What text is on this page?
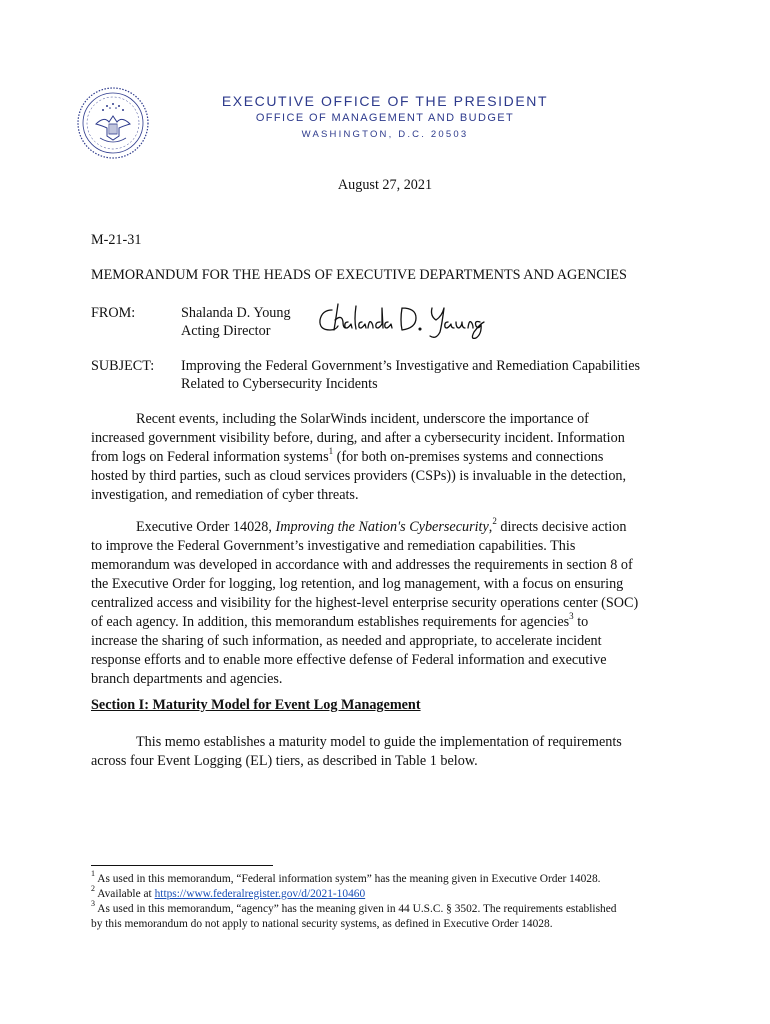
EXECUTIVE OFFICE OF THE PRESIDENT
OFFICE OF MANAGEMENT AND BUDGET
WASHINGTON, D.C. 20503
August 27, 2021
M-21-31
MEMORANDUM FOR THE HEADS OF EXECUTIVE DEPARTMENTS AND AGENCIES
FROM:	Shalanda D. Young
Acting Director
SUBJECT: Improving the Federal Government’s Investigative and Remediation Capabilities
Related to Cybersecurity Incidents
Recent events, including the SolarWinds incident, underscore the importance of
increased government visibility before, during, and after a cybersecurity incident. Information
from logs on Federal information systems$^1$ (for both on-premises systems and connections
hosted by third parties, such as cloud services providers (CSPs)) is invaluable in the detection,
investigation, and remediation of cyber threats.
Executive Order 14028, Improving the Nation's Cybersecurity,$^2$ directs decisive action
to improve the Federal Government’s investigative and remediation capabilities. This
memorandum was developed in accordance with and addresses the requirements in section 8 of
the Executive Order for logging, log retention, and log management, with a focus on ensuring
centralized access and visibility for the highest-level enterprise security operations center (SOC)
of each agency. In addition, this memorandum establishes requirements for agencies$^3$ to
increase the sharing of such information, as needed and appropriate, to accelerate incident
response efforts and to enable more effective defense of Federal information and executive
branch departments and agencies.
Section I: Maturity Model for Event Log Management
This memo establishes a maturity model to guide the implementation of requirements
across four Event Logging (EL) tiers, as described in Table 1 below.
$^1$ As used in this memorandum, “Federal information system” has the meaning given in Executive Order 14028.
$^2$ Available at https://www.federalregister.gov/d/2021-10460
$^3$ As used in this memorandum, “agency” has the meaning given in 44 U.S.C. § 3502. The requirements established
by this memorandum do not apply to national security systems, as defined in Executive Order 14028.
